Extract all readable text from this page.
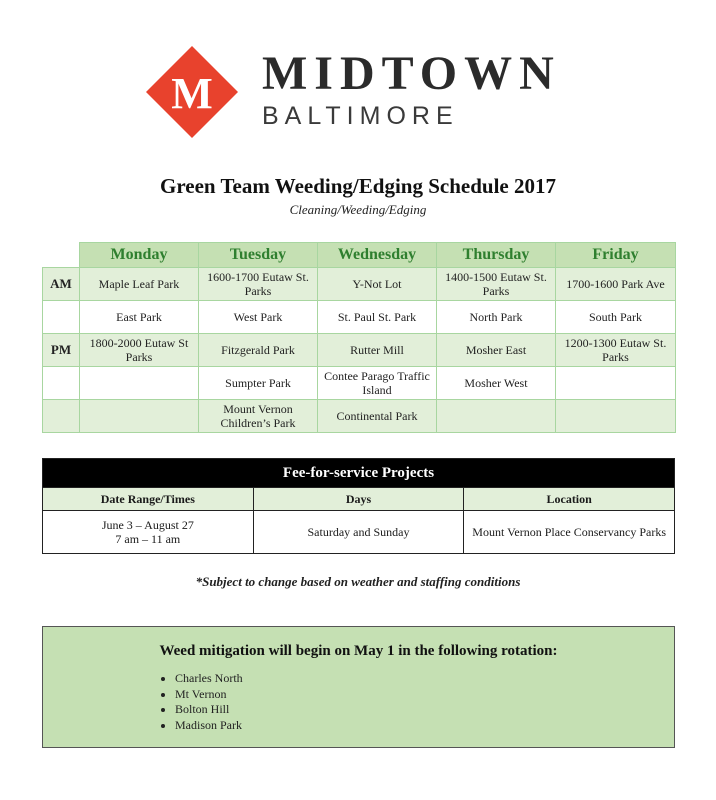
M MIDTOWN
BALTIMORE
Green Team Weeding/Edging Schedule 2017
Cleaning/Weeding/Edging
	Monday	Tuesday	Wednesday	Thursday	Friday
AM	Maple Leaf Park	1600-1700 Eutaw St. Parks	Y-Not Lot	1400-1500 Eutaw St. Parks	1700-1600 Park Ave
	East Park	West Park	St. Paul St. Park	North Park	South Park
PM	1800-2000 Eutaw St Parks	Fitzgerald Park	Rutter Mill	Mosher East	1200-1300 Eutaw St. Parks
		Sumpter Park	Contee Parago Traffic Island	Mosher West	
		Mount Vernon Children’s Park	Continental Park		
Fee-for-service Projects		
Date Range/Times	Days	Location

June 3 – August 27
7 am – 11 am	Saturday and Sunday	Mount Vernon Place Conservancy Parks
*Subject to change based on weather and staffing conditions
Weed mitigation will begin on May 1 in the following rotation:
• Charles North
• Mt Vernon
• Bolton Hill
• Madison Park
